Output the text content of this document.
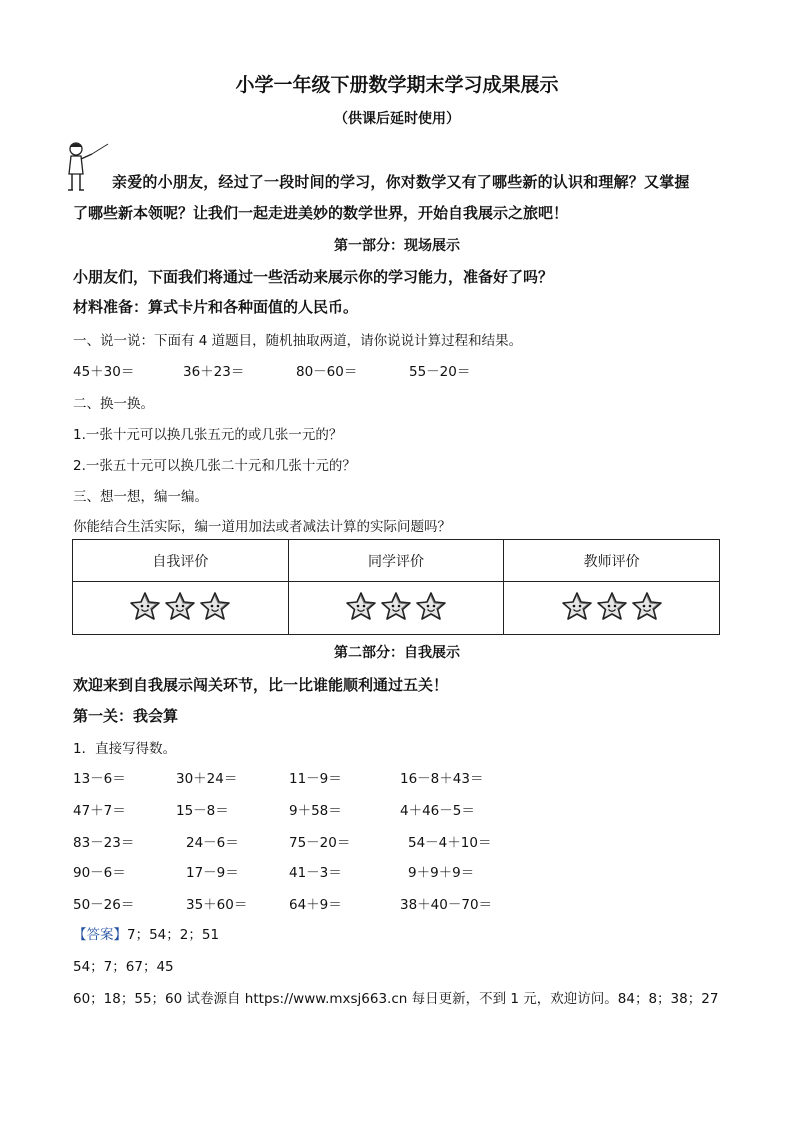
小学一年级下册数学期末学习成果展示
（供课后延时使用）
亲爱的小朋友，经过了一段时间的学习，你对数学又有了哪些新的认识和理解？又掌握
了哪些新本领呢？让我们一起走进美妙的数学世界，开始自我展示之旅吧！
第一部分：现场展示
小朋友们，下面我们将通过一些活动来展示你的学习能力，准备好了吗？
材料准备：算式卡片和各种面值的人民币。
一、说一说：下面有 4 道题目，随机抽取两道，请你说说计算过程和结果。
45＋30＝	36＋23＝	80－60＝	55－20＝
二、换一换。
1.一张十元可以换几张五元的或几张一元的？
2.一张五十元可以换几张二十元和几张十元的？
三、想一想，编一编。
你能结合生活实际，编一道用加法或者减法计算的实际问题吗？
自我评价	同学评价	教师评价

第二部分：自我展示
欢迎来到自我展示闯关环节，比一比谁能顺利通过五关！
第一关：我会算
1．直接写得数。
13－6＝	30＋24＝	11－9＝	16－8＋43＝
47＋7＝	15－8＝	9＋58＝	4＋46－5＝
83－23＝	24－6＝	75－20＝	54－4＋10＝
90－6＝	17－9＝	41－3＝	9＋9＋9＝
50－26＝	35＋60＝	64＋9＝	38＋40－70＝
【答案】7；54；2；51
54；7；67；45
60；18；55；60 试卷源自 https://www.mxsj663.cn 每日更新，不到 1 元，欢迎访问。84；8；38；27
